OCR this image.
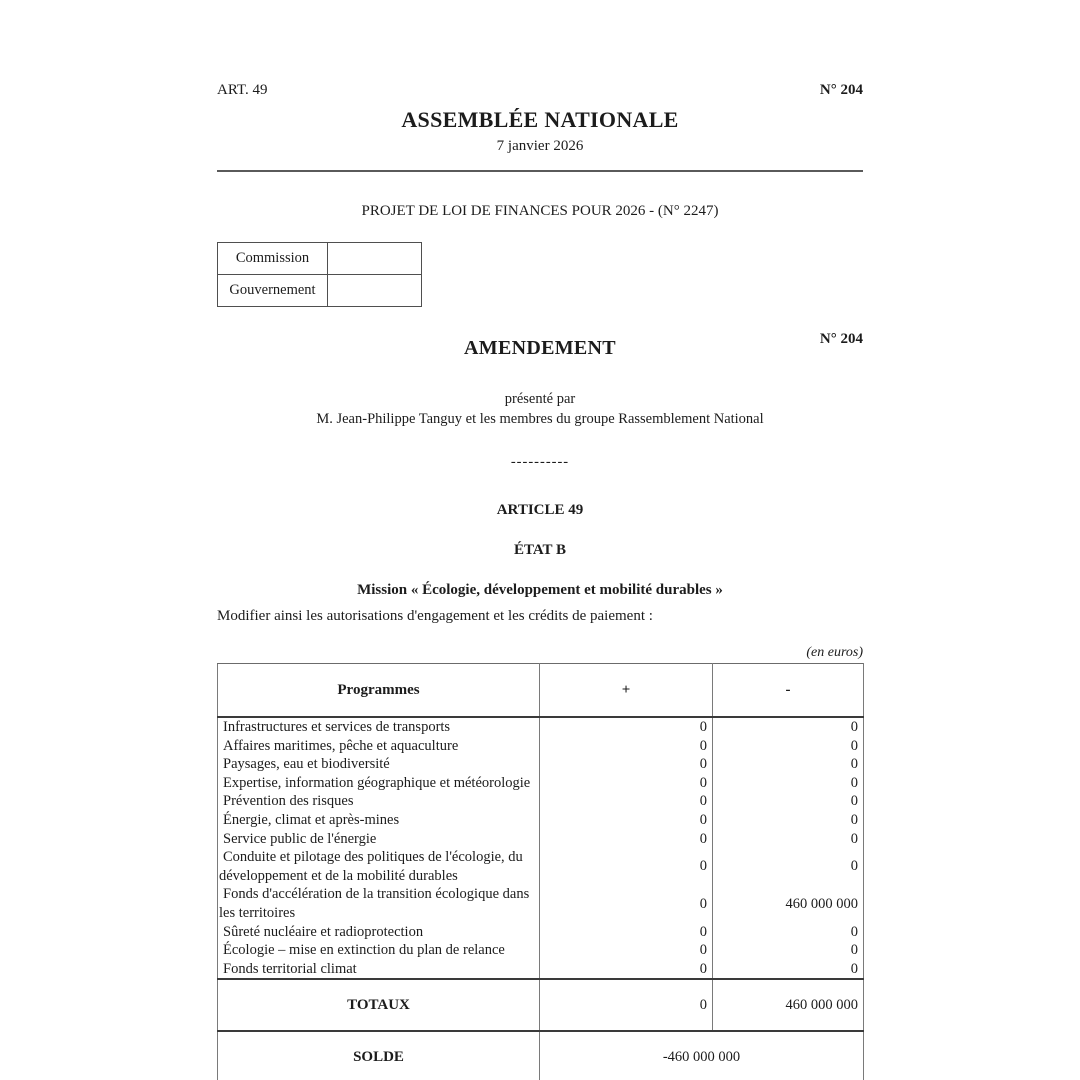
ART. 49	N° 204
ASSEMBLÉE NATIONALE
7 janvier 2026
PROJET DE LOI DE FINANCES POUR 2026 - (N° 2247)
Commission	
Gouvernement	
N° 204
AMENDEMENT
présenté par
M. Jean-Philippe Tanguy et les membres du groupe Rassemblement National
----------
ARTICLE 49
ÉTAT B
Mission « Écologie, développement et mobilité durables »
Modifier ainsi les autorisations d'engagement et les crédits de paiement :
(en euros)
Programmes	+	-
Infrastructures et services de transports	0	0
Affaires maritimes, pêche et aquaculture	0	0
Paysages, eau et biodiversité	0	0
Expertise, information géographique et météorologie	0	0
Prévention des risques	0	0
Énergie, climat et après-mines	0	0
Service public de l'énergie	0	0
Conduite et pilotage des politiques de l'écologie, du développement et de la mobilité durables	0	0
Fonds d'accélération de la transition écologique dans les territoires	0	460 000 000
Sûreté nucléaire et radioprotection	0	0
Écologie – mise en extinction du plan de relance	0	0
Fonds territorial climat	0	0
TOTAUX	0	460 000 000
SOLDE	-460 000 000	
